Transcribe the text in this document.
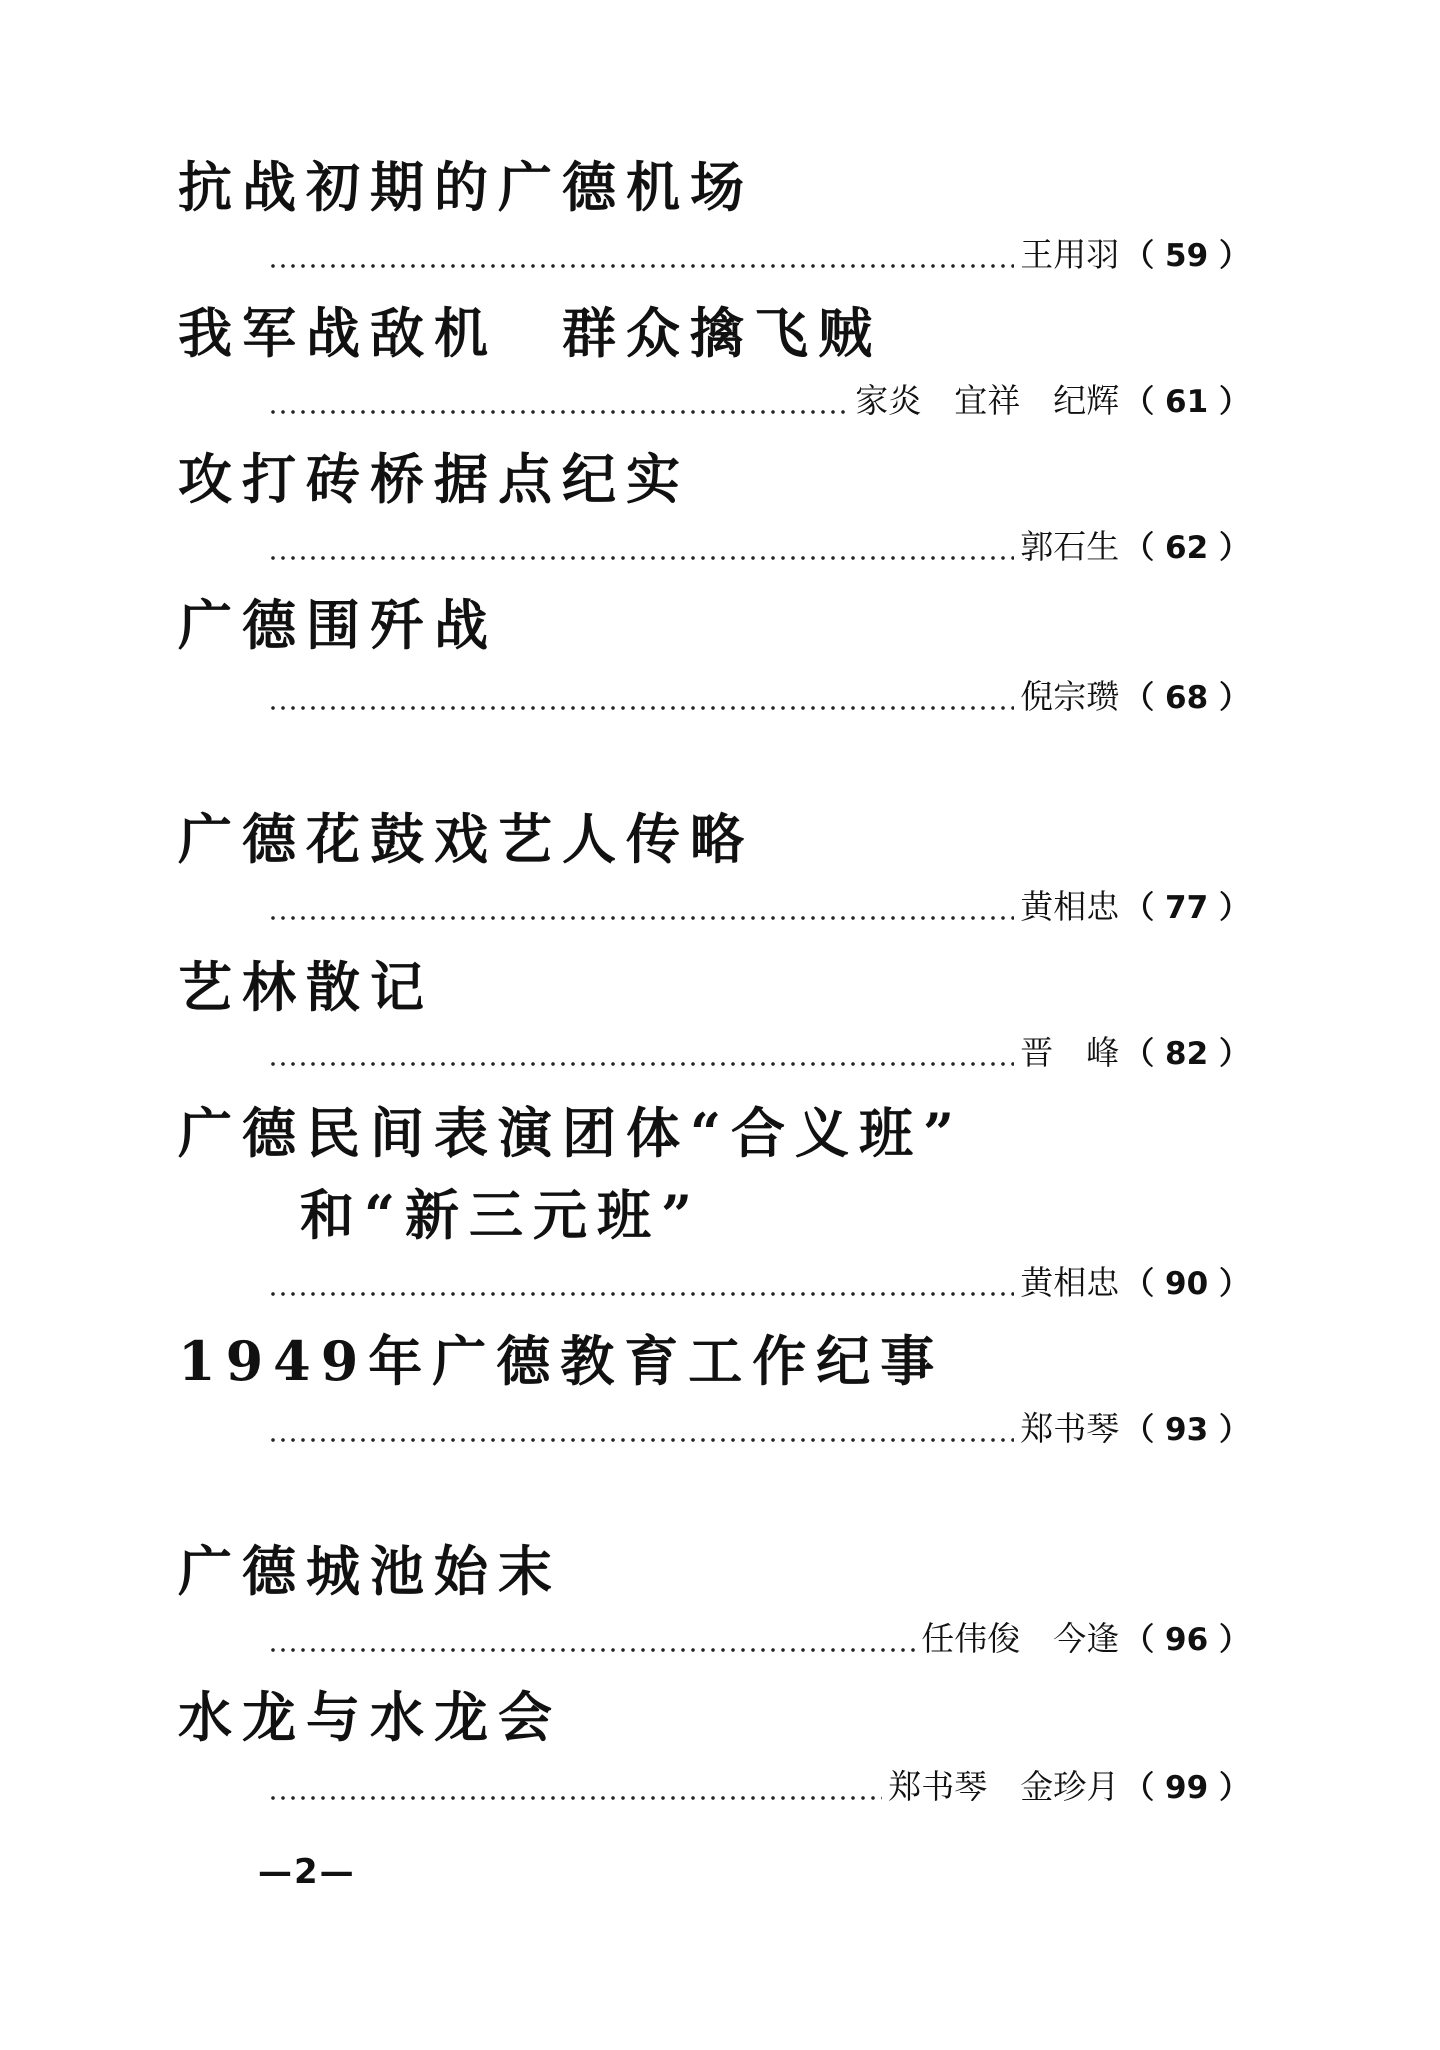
抗战初期的广德机场
王用羽 （ 59 ）
我军战敌机　群众擒飞贼
家炎　宜祥　纪辉 （ 61 ）
攻打砖桥据点纪实
郭石生 （ 62 ）
广德围歼战
倪宗瓒 （ 68 ）
广德花鼓戏艺人传略
黄相忠 （ 77 ）
艺林散记
晋　峰 （ 82 ）
广德民间表演团体“合义班”
和“新三元班”
黄相忠 （ 90 ）
1949年广德教育工作纪事
郑书琴 （ 93 ）
广德城池始末
任伟俊　今逢 （ 96 ）
水龙与水龙会
郑书琴　金珍月 （ 99 ）
—2—
